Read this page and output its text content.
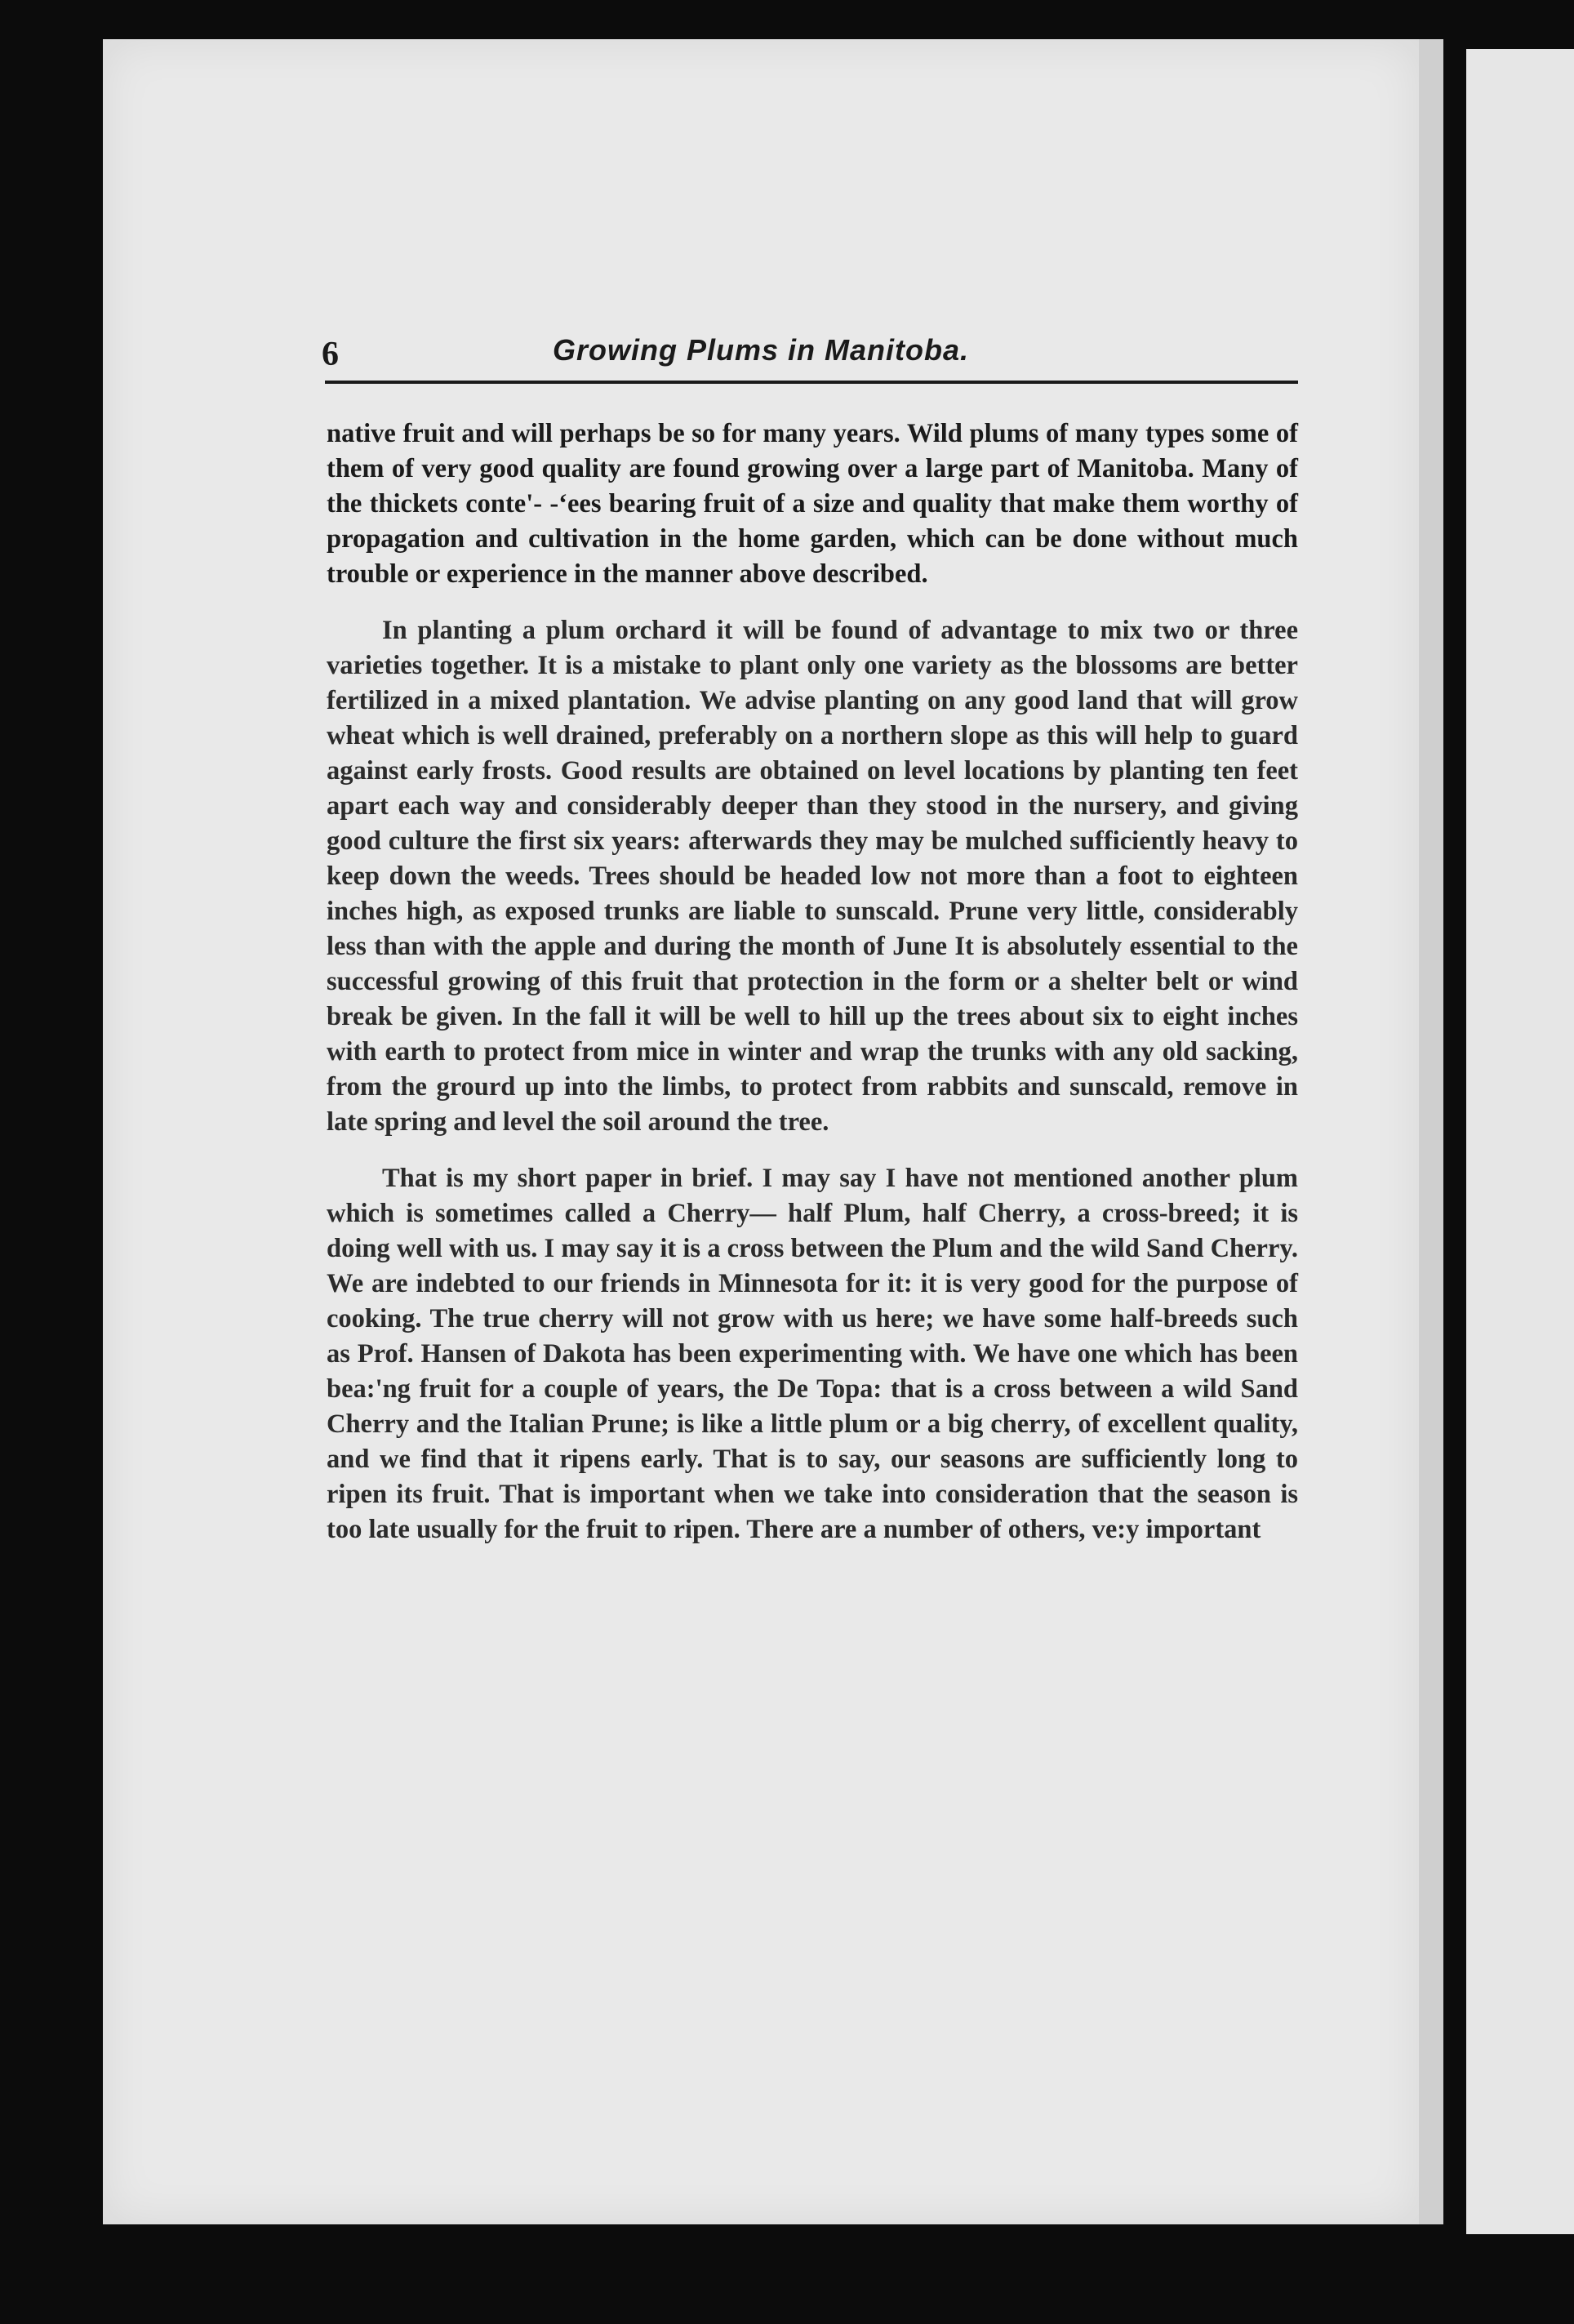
6	Growing Plums in Manitoba.

native fruit and will perhaps be so for many years. Wild plums of many types some of them of very good quality are found growing over a large part of Manitoba. Many of the thickets conte'- -‘ees bearing fruit of a size and quality that make them worthy of propagation and cultivation in the home garden, which can be done without much trouble or experience in the manner above described.

In planting a plum orchard it will be found of advantage to mix two or three varieties together. It is a mistake to plant only one variety as the blossoms are better fertilized in a mixed plantation. We advise planting on any good land that will grow wheat which is well drained, preferably on a northern slope as this will help to guard against early frosts. Good results are obtained on level locations by planting ten feet apart each way and considerably deeper than they stood in the nursery, and giving good culture the first six years: afterwards they may be mulched sufficiently heavy to keep down the weeds. Trees should be headed low not more than a foot to eighteen inches high, as exposed trunks are liable to sunscald. Prune very little, considerably less than with the apple and during the month of June It is absolutely essential to the successful growing of this fruit that protection in the form or a shelter belt or wind break be given. In the fall it will be well to hill up the trees about six to eight inches with earth to protect from mice in winter and wrap the trunks with any old sacking, from the grourd up into the limbs, to protect from rabbits and sunscald, remove in late spring and level the soil around the tree.

That is my short paper in brief. I may say I have not mentioned another plum which is sometimes called a Cherry— half Plum, half Cherry, a cross-breed; it is doing well with us. I may say it is a cross between the Plum and the wild Sand Cherry. We are indebted to our friends in Minnesota for it: it is very good for the purpose of cooking. The true cherry will not grow with us here; we have some half-breeds such as Prof. Hansen of Dakota has been experimenting with. We have one which has been bea:'ng fruit for a couple of years, the De Topa: that is a cross between a wild Sand Cherry and the Italian Prune; is like a little plum or a big cherry, of excellent quality, and we find that it ripens early. That is to say, our seasons are sufficiently long to ripen its fruit. That is important when we take into consideration that the season is too late usually for the fruit to ripen. There are a number of others, ve:y important
